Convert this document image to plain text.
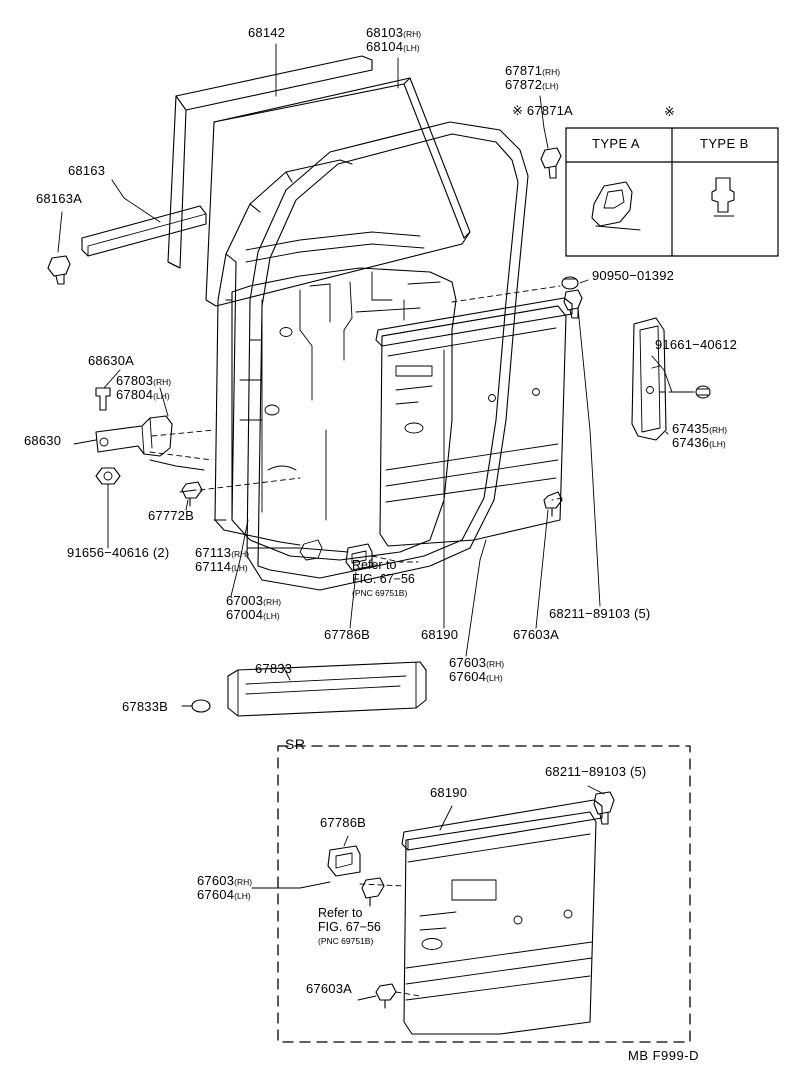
68142	68103(RH)
68104(LH)
67871(RH)
67872(LH)
※ 67871A
68163
68163A
90950−01392
91661−40612
68630A
67803(RH)
67804(LH)
68630
67435(RH)
67436(LH)
67772B
91656−40616 (2) 67113(RH)
67114(LH)
67003(RH)
67004(LH)	68211−89103 (5)
67786B	68190	67603A
67603(RH)
67604(LH)
67833
67833B
Refer to
FIG. 67−56
(PNC 69751B)
※
TYPE A	TYPE B
SR
68211−89103 (5)
68190
67786B
67603(RH)
67604(LH)
Refer to
FIG. 67−56
(PNC 69751B)
67603A
MB F999-D
